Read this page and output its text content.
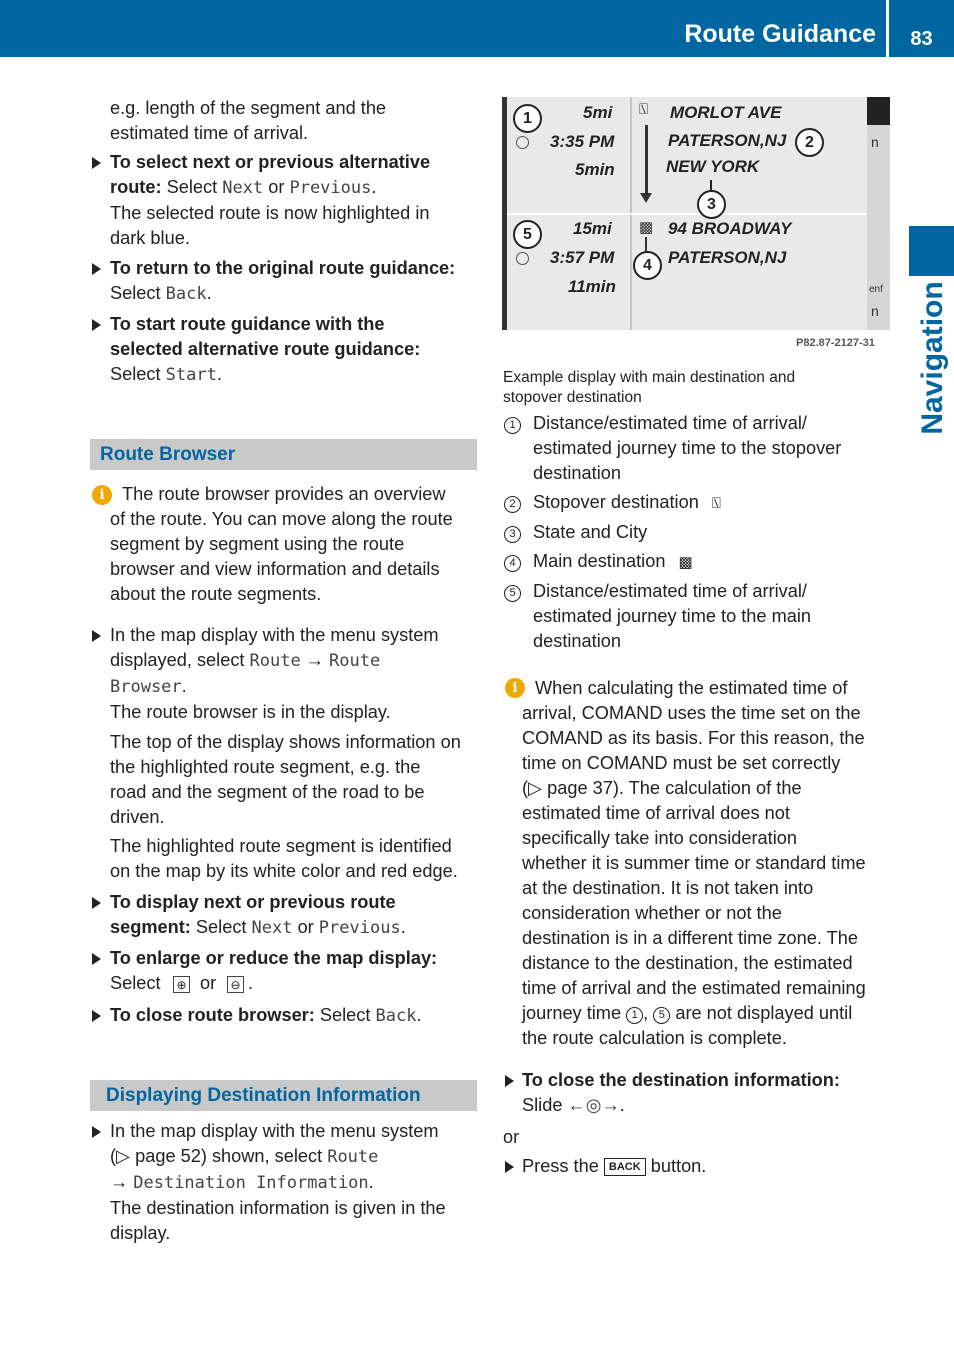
Route Guidance	83
Navigation

e.g. length of the segment and the

estimated time of arrival.

To select next or previous alternative

route: Select Next or Previous.

The selected route is now highlighted in

dark blue.

To return to the original route guidance:

Select Back.

To start route guidance with the

selected alternative route guidance:

Select Start.

Route Browser
i The route browser provides an overview

of the route. You can move along the route

segment by segment using the route

browser and view information and details

about the route segments.

In the map display with the menu system

displayed, select Route → Route

Browser.

The route browser is in the display.

The top of the display shows information on

the highlighted route segment, e.g. the

road and the segment of the road to be

driven.

The highlighted route segment is identified

on the map by its white color and red edge.

To display next or previous route

segment: Select Next or Previous.

To enlarge or reduce the map display:

Select	⊕ or ⊖ .

To close route browser: Select Back.

Displaying Destination Information

In the map display with the menu system

(▷ page 52) shown, select Route

→ Destination Information.

The destination information is given in the

display.

enf
n
n
1	5mi
3:35 PM
5min
⍂ MORLOT AVE
PATERSON,NJ
NEW YORK
2
3
5	15mi
3:57 PM
11min
▩ 94 BROADWAY
PATERSON,NJ
4
P82.87-2127-31

Example display with main destination and

stopover destination

1 Distance/estimated time of arrival/

estimated journey time to the stopover

destination

2 Stopover destination ⍂
3 State and City

4 Main destination ▩
5 Distance/estimated time of arrival/

estimated journey time to the main

destination

i When calculating the estimated time of

arrival, COMAND uses the time set on the

COMAND as its basis. For this reason, the

time on COMAND must be set correctly

(▷ page 37). The calculation of the

estimated time of arrival does not

specifically take into consideration

whether it is summer time or standard time

at the destination. It is not taken into

consideration whether or not the

destination is in a different time zone. The

distance to the destination, the estimated

time of arrival and the estimated remaining

journey time 1 , 5 are not displayed until

the route calculation is complete.

To close the destination information:

Slide ←◎→.

or
Press the BACK button.
